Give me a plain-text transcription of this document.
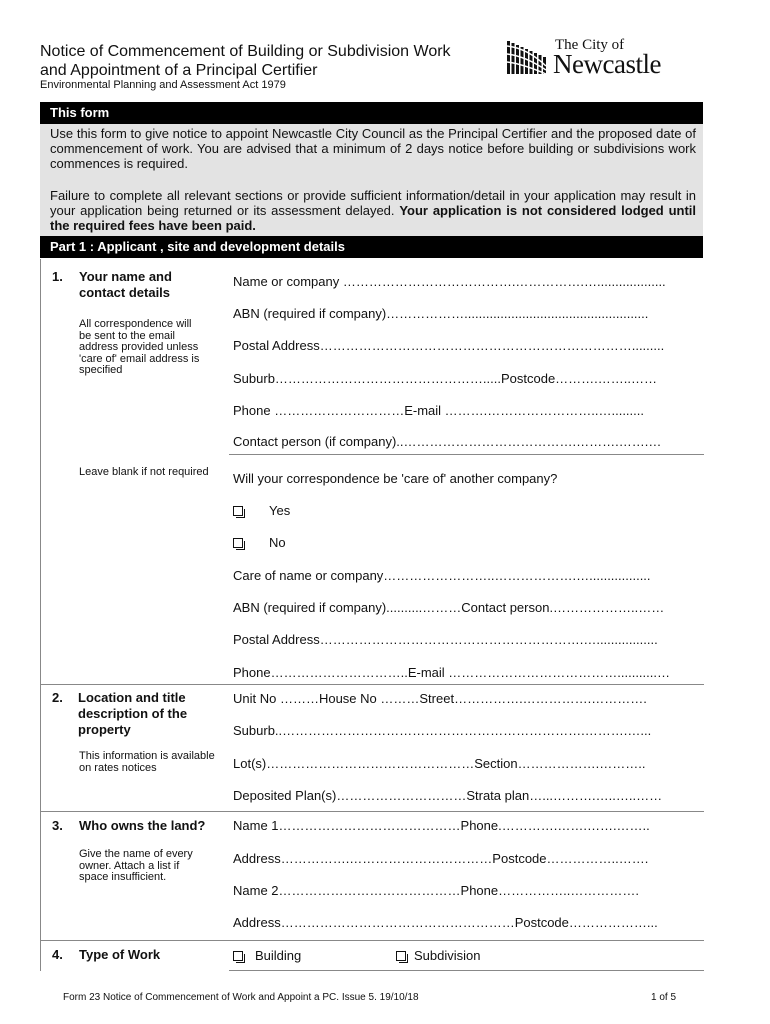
Notice of Commencement of Building or Subdivision Work
and Appointment of a Principal Certifier
Environmental Planning and Assessment Act 1979
The City of
Newcastle
This form
Use this form to give notice to appoint Newcastle City Council as the Principal Certifier and the proposed date of commencement of work. You are advised that a minimum of 2 days notice before building or subdivisions work commences is required.
Failure to complete all relevant sections or provide sufficient information/detail in your application may result in your application being returned or its assessment delayed. Your application is not considered lodged until the required fees have been paid.
Part 1 : Applicant , site and development details
1. Your name and contact details
All correspondence will be sent to the email address provided unless 'care of' email address is specified
Name or company ………………………………….…………….…...................
ABN (required if company)………………...................................................
Postal Address……………………………………………………………….........
Suburb………………………………………….....Postcode……….……..……
Phone …………………………E-mail ……….……………………..….........
Contact person (if company)..………………………………….……….…….…
Leave blank if not required	Will your correspondence be 'care of' another company?
Yes
No
Care of name or company……………………..……………….….................
ABN (required if company)..........………Contact person.………………..……
Postal Address…………………………………………………….….................
Phone…………………………..E-mail …………………………………...........…
2. Location and title description of the property
This information is available on rates notices
Unit No ………House No ………Street…………….…………….………….
Suburb..…………………………………………………………….……….…...
Lot(s)…………………………………………Section……………….………..
Deposited Plan(s)…………………………Strata plan…...……….…..…..……
3. Who owns the land?
Give the name of every owner. Attach a list if space insufficient.
Name 1……………………………………Phone.………….…….…….……..
Address…………….……………………………Postcode……………..…….
Name 2……………………………………Phone……………..…………….
Address………………………………………………Postcode………………...
4. Type of Work	Building	Subdivision
Form 23 Notice of Commencement of Work and Appoint a PC. Issue 5. 19/10/18	1 of 5
